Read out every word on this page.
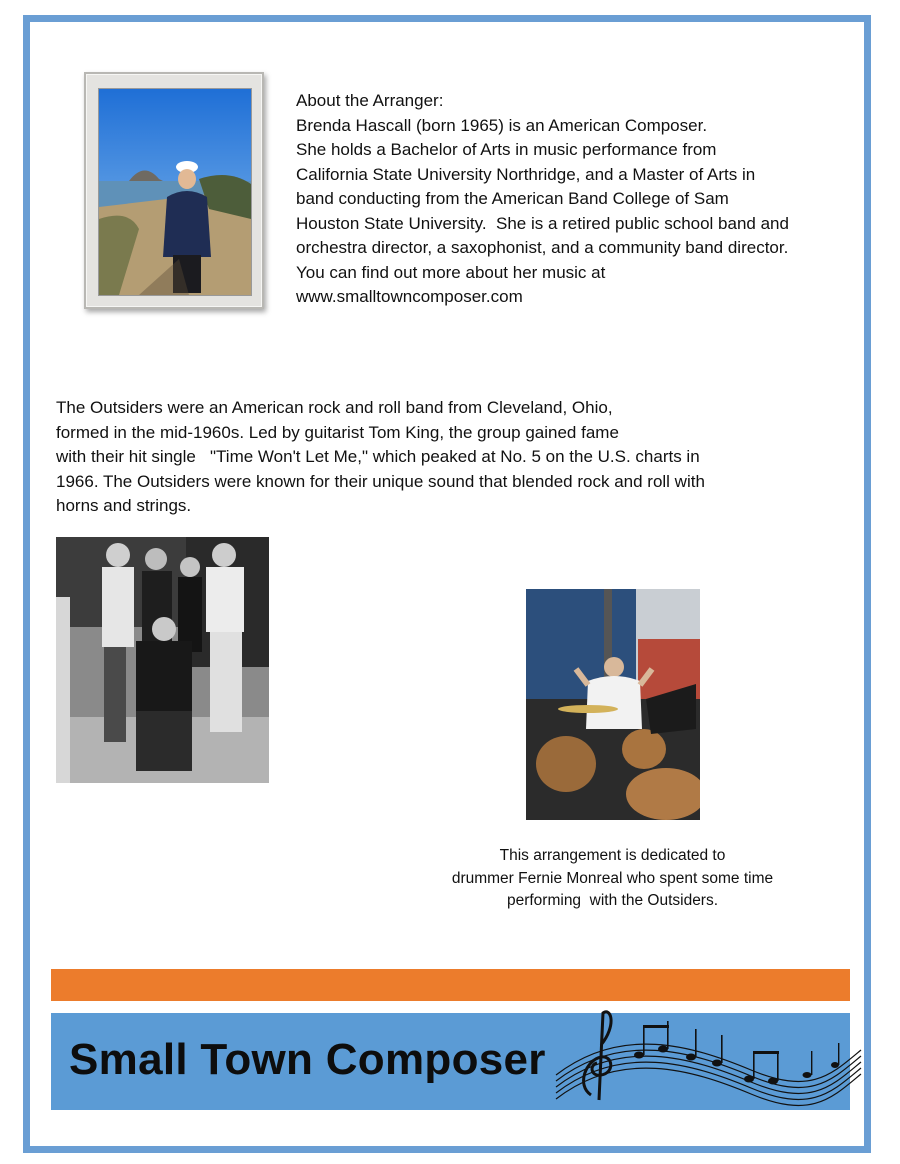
About the Arranger:
Brenda Hascall (born 1965) is an American Composer.
She holds a Bachelor of Arts in music performance from
California State University Northridge, and a Master of Arts in
band conducting from the American Band College of Sam
Houston State University.  She is a retired public school band and
orchestra director, a saxophonist, and a community band director.
You can find out more about her music at
www.smalltowncomposer.com
The Outsiders were an American rock and roll band from Cleveland, Ohio,
formed in the mid-1960s. Led by guitarist Tom King, the group gained fame
with their hit single   "Time Won't Let Me," which peaked at No. 5 on the U.S. charts in
1966. The Outsiders were known for their unique sound that blended rock and roll with
horns and strings.
This arrangement is dedicated to
drummer Fernie Monreal who spent some time
performing  with the Outsiders.
Small Town Composer
